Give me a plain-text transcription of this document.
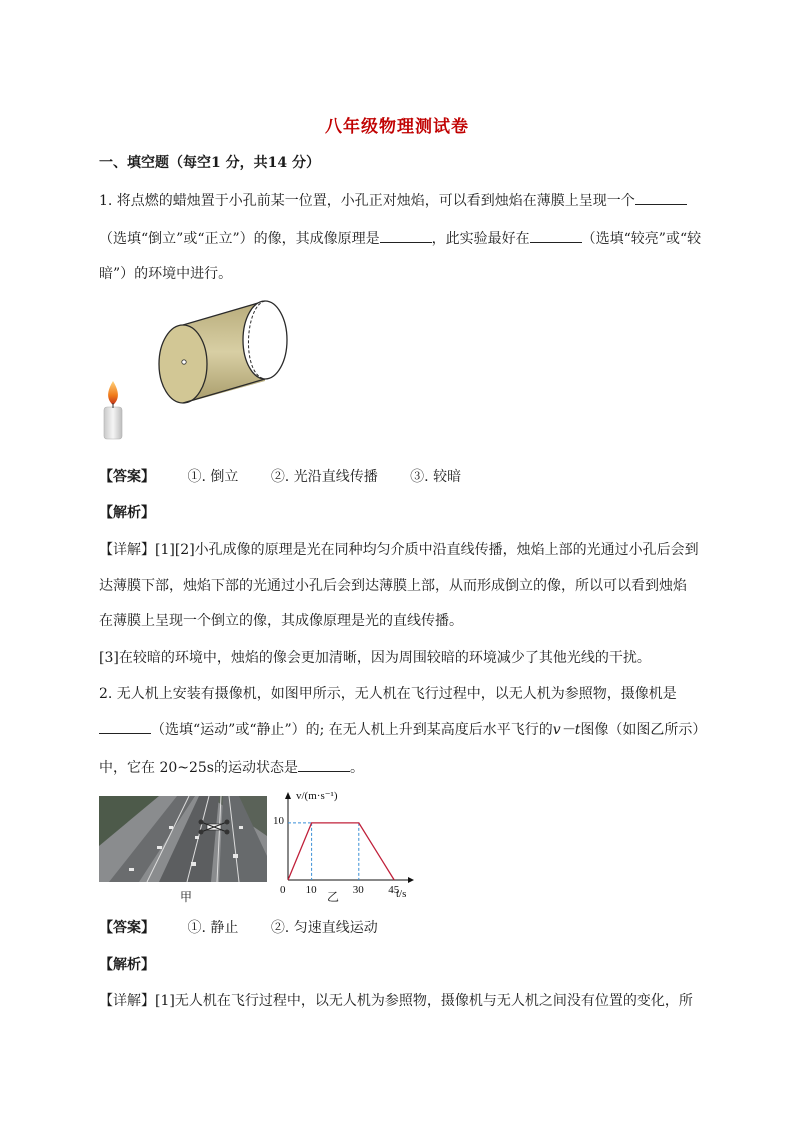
八年级物理测试卷
一、填空题（每空1 分，共14 分）
1. 将点燃的蜡烛置于小孔前某一位置，小孔正对烛焰，可以看到烛焰在薄膜上呈现一个
（选填“倒立”或“正立”）的像，其成像原理是	，此实验最好在	（选填“较亮”或“较
暗”）的环境中进行。
【答案】 ①. 倒立 ②. 光沿直线传播 ③. 较暗
【解析】
【详解】[1][2]小孔成像的原理是光在同种均匀介质中沿直线传播，烛焰上部的光通过小孔后会到
达薄膜下部，烛焰下部的光通过小孔后会到达薄膜上部，从而形成倒立的像，所以可以看到烛焰
在薄膜上呈现一个倒立的像，其成像原理是光的直线传播。
[3]在较暗的环境中，烛焰的像会更加清晰，因为周围较暗的环境减少了其他光线的干扰。
2. 无人机上安装有摄像机，如图甲所示，无人机在飞行过程中，以无人机为参照物，摄像机是
（选填“运动”或“静止”）的; 在无人机上升到某高度后水平飞行的v－t图像（如图乙所示）
中，它在 20~25s的运动状态是	。
甲
v/(m·s⁻¹)
t/s
10
0 10	30 45
乙
【答案】 ①. 静止 ②. 匀速直线运动
【解析】
【详解】[1]无人机在飞行过程中，以无人机为参照物，摄像机与无人机之间没有位置的变化，所
